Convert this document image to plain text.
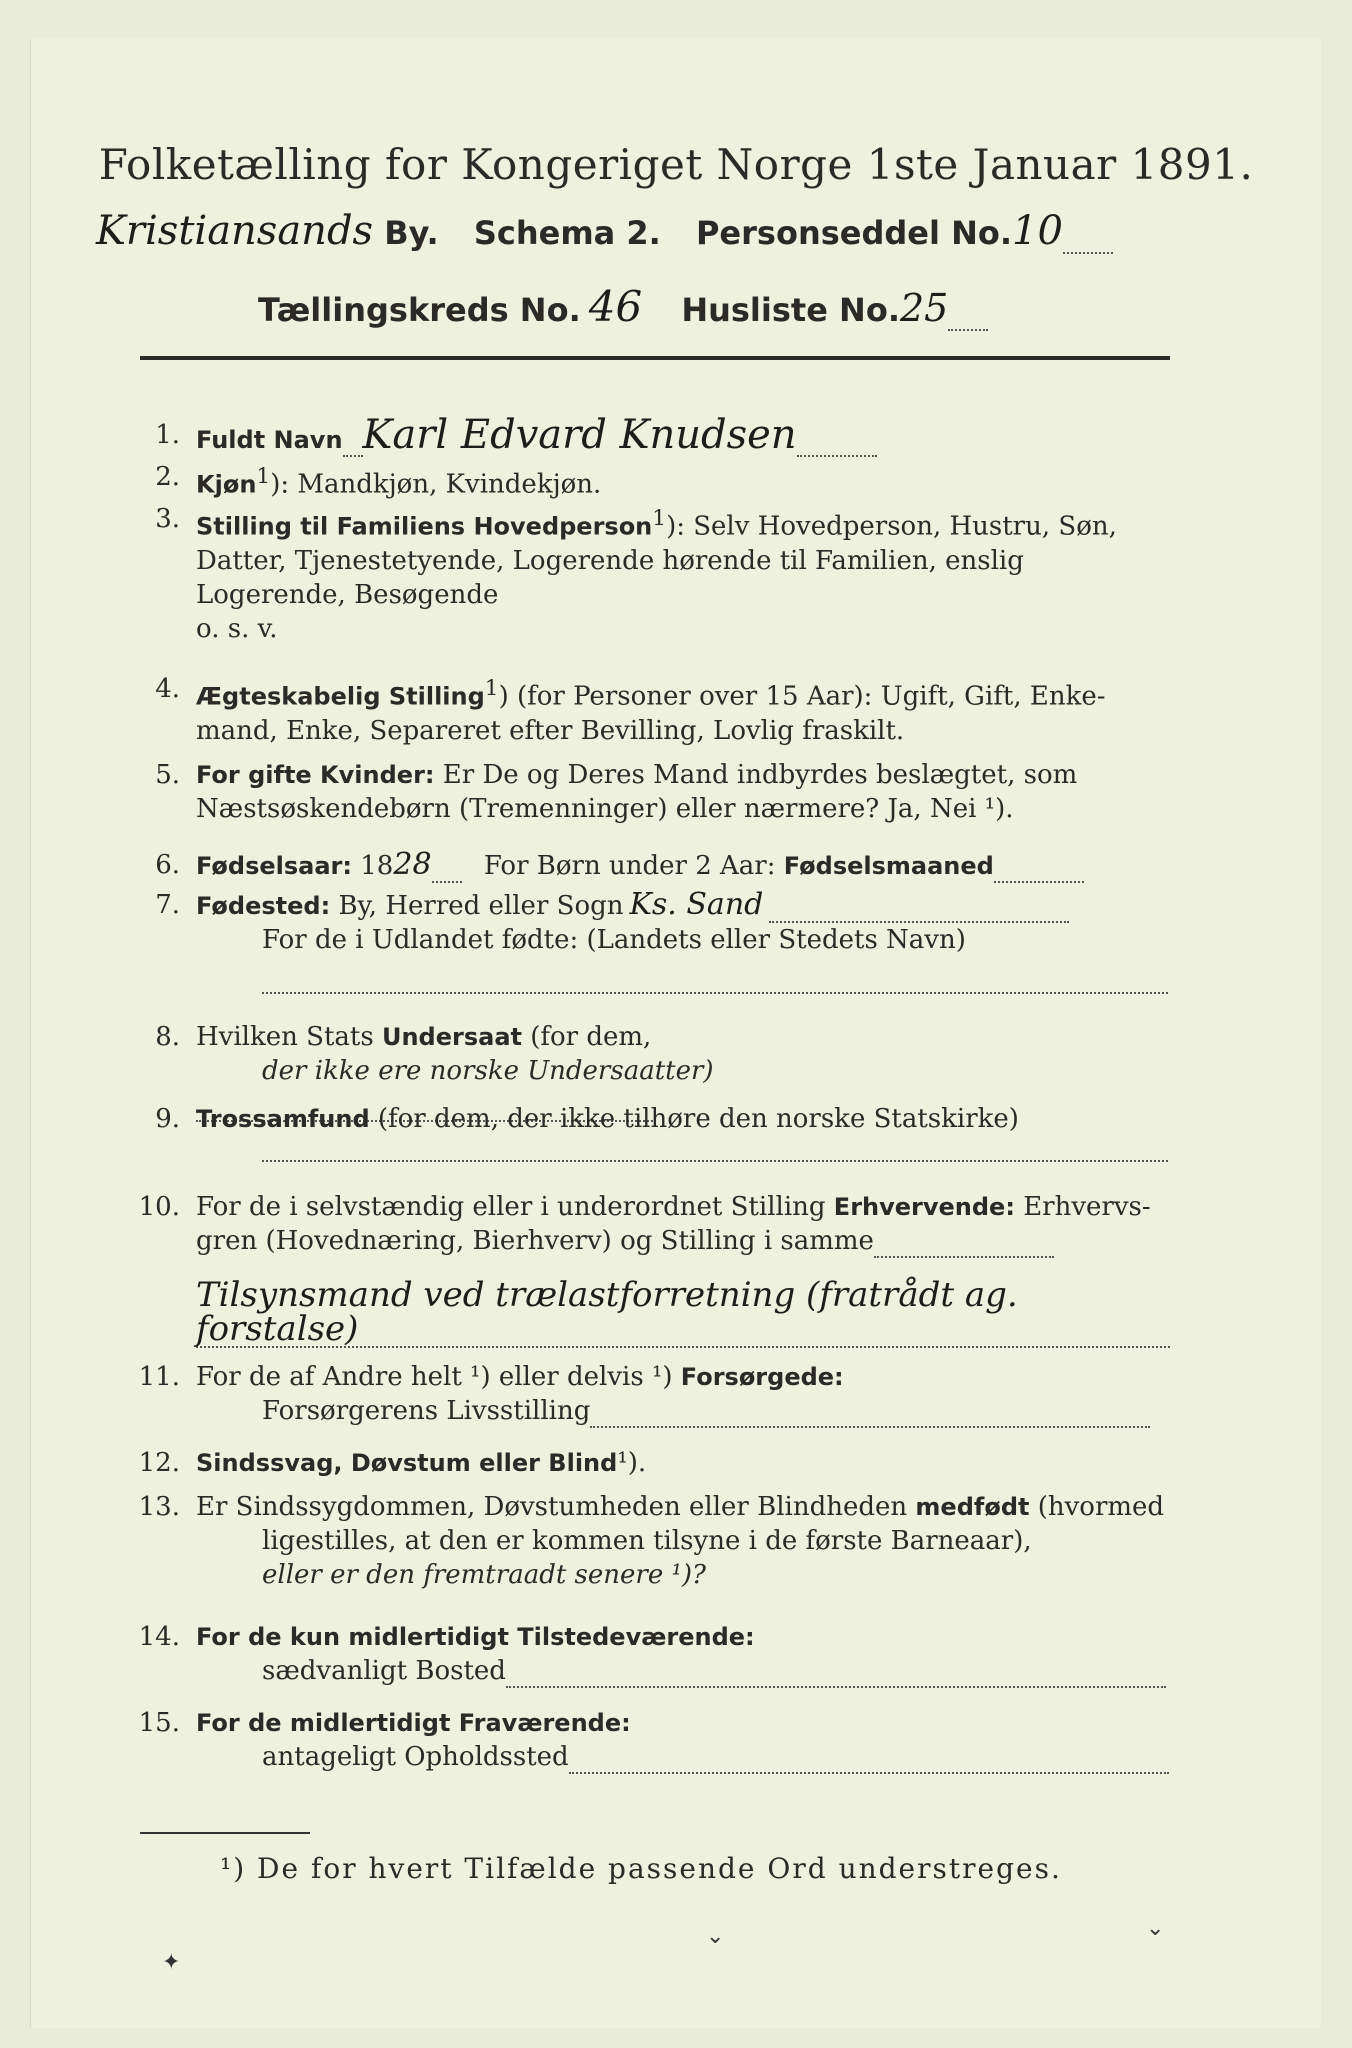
Folketælling for Kongeriget Norge 1ste Januar 1891.
Kristiansands By. Schema 2. Personseddel No.10
Tællingskreds No. 46 Husliste No.25
1. Fuldt Navn Karl Edvard Knudsen
2. Kjøn$^1$): Mandkjøn, Kvindekjøn.
3. Stilling til Familiens Hovedperson$^1$): Selv Hovedperson, Hustru, Søn,
Datter, Tjenestetyende, Logerende hørende til Familien, enslig
Logerende, Besøgende
o. s. v.
4. Ægteskabelig Stilling$^1$) (for Personer over 15 Aar): Ugift, Gift, Enke-
mand, Enke, Separeret efter Bevilling, Lovlig fraskilt.
5. For gifte Kvinder: Er De og Deres Mand indbyrdes beslægtet, som
Næstsøskendebørn (Tremenninger) eller nærmere? Ja, Nei ¹).
6. Fødselsaar: 1828 For Børn under 2 Aar: Fødselsmaaned
7. Fødested: By, Herred eller Sogn Ks. Sand
For de i Udlandet fødte: (Landets eller Stedets Navn)
8. Hvilken Stats Undersaat (for dem,
der ikke ere norske Undersaatter)
9. Trossamfund (for dem, der ikke tilhøre den norske Statskirke)
10. For de i selvstændig eller i underordnet Stilling Erhvervende: Erhvervs-
gren (Hovednæring, Bierhverv) og Stilling i samme
Tilsynsmand ved trælastforretning (fratrådt ag. forstalse)
11. For de af Andre helt ¹) eller delvis ¹) Forsørgede:
Forsørgerens Livsstilling
12. Sindssvag, Døvstum eller Blind¹).
13. Er Sindssygdommen, Døvstumheden eller Blindheden medfødt (hvormed
ligestilles, at den er kommen tilsyne i de første Barneaar),
eller er den fremtraadt senere ¹)?
14. For de kun midlertidigt Tilstedeværende:
sædvanligt Bosted
15. For de midlertidigt Fraværende:
antageligt Opholdssted
¹) De for hvert Tilfælde passende Ord understreges.
✦
⌄	⌄
